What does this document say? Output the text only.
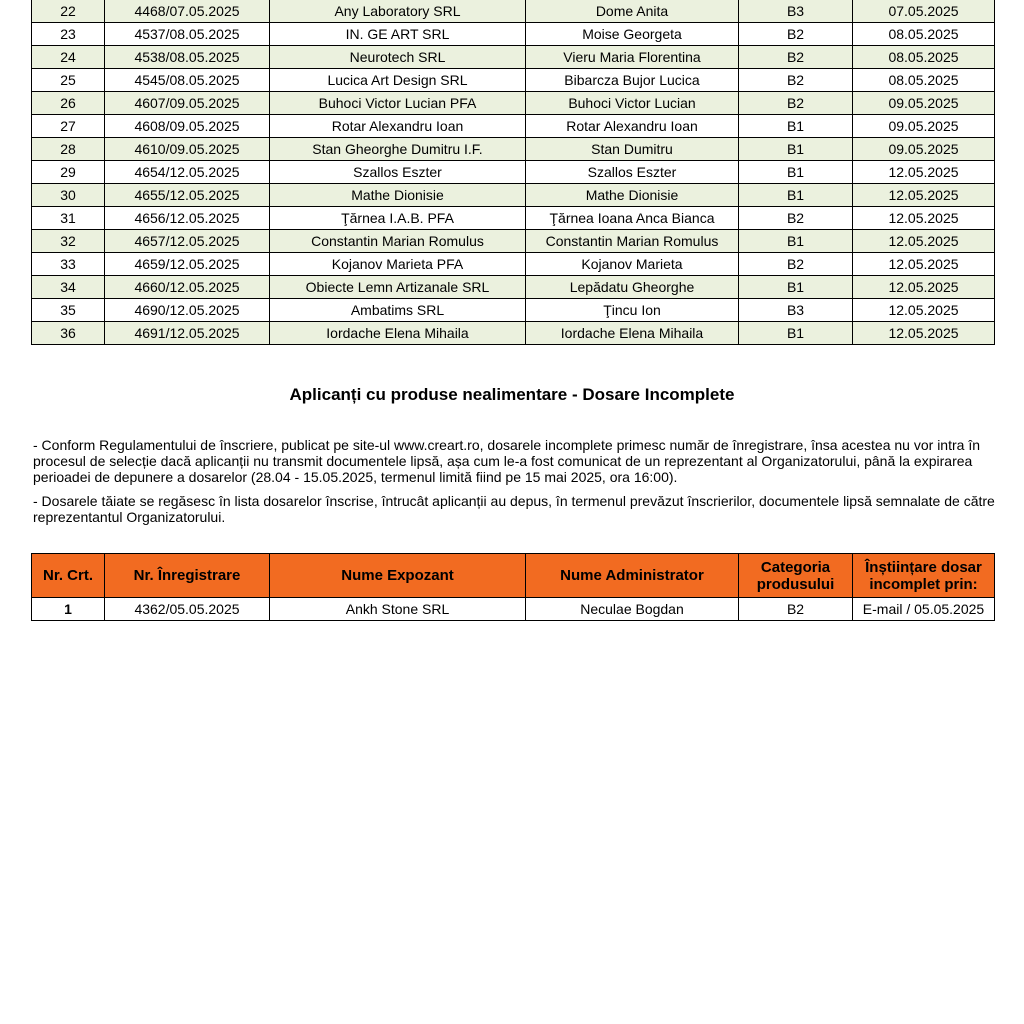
22	4468/07.05.2025	Any Laboratory SRL	Dome Anita	B3	07.05.2025
23	4537/08.05.2025	IN. GE ART SRL	Moise Georgeta	B2	08.05.2025
24	4538/08.05.2025	Neurotech SRL	Vieru Maria Florentina	B2	08.05.2025
25	4545/08.05.2025	Lucica Art Design SRL	Bibarcza Bujor Lucica	B2	08.05.2025
26	4607/09.05.2025	Buhoci Victor Lucian PFA	Buhoci Victor Lucian	B2	09.05.2025
27	4608/09.05.2025	Rotar Alexandru Ioan	Rotar Alexandru Ioan	B1	09.05.2025
28	4610/09.05.2025	Stan Gheorghe Dumitru I.F.	Stan Dumitru	B1	09.05.2025
29	4654/12.05.2025	Szallos Eszter	Szallos Eszter	B1	12.05.2025
30	4655/12.05.2025	Mathe Dionisie	Mathe Dionisie	B1	12.05.2025
31	4656/12.05.2025	Ţărnea I.A.B. PFA	Ţărnea Ioana Anca Bianca	B2	12.05.2025
32	4657/12.05.2025	Constantin Marian Romulus	Constantin Marian Romulus	B1	12.05.2025
33	4659/12.05.2025	Kojanov Marieta PFA	Kojanov Marieta	B2	12.05.2025
34	4660/12.05.2025	Obiecte Lemn Artizanale SRL	Lepădatu Gheorghe	B1	12.05.2025
35	4690/12.05.2025	Ambatims SRL	Ţincu Ion	B3	12.05.2025
36	4691/12.05.2025	Iordache Elena Mihaila	Iordache Elena Mihaila	B1	12.05.2025
Aplicanți cu produse nealimentare - Dosare Incomplete
- Conform Regulamentului de înscriere, publicat pe site-ul www.creart.ro, dosarele incomplete primesc număr de înregistrare, însa acestea nu vor intra în procesul de selecție dacă aplicanții nu transmit documentele lipsă, așa cum le-a fost comunicat de un reprezentant al Organizatorului, până la expirarea perioadei de depunere a dosarelor (28.04 - 15.05.2025, termenul limită fiind pe 15 mai 2025, ora 16:00).
- Dosarele tăiate se regăsesc în lista dosarelor înscrise, întrucât aplicanții au depus, în termenul prevăzut înscrierilor, documentele lipsă semnalate de către reprezentantul Organizatorului.
Nr. Crt.	Nr. Înregistrare	Nume Expozant	Nume Administrator	Categoria produsului	Înștiințare dosar incomplet prin:
1	4362/05.05.2025	Ankh Stone SRL	Neculae Bogdan	B2	E-mail / 05.05.2025
